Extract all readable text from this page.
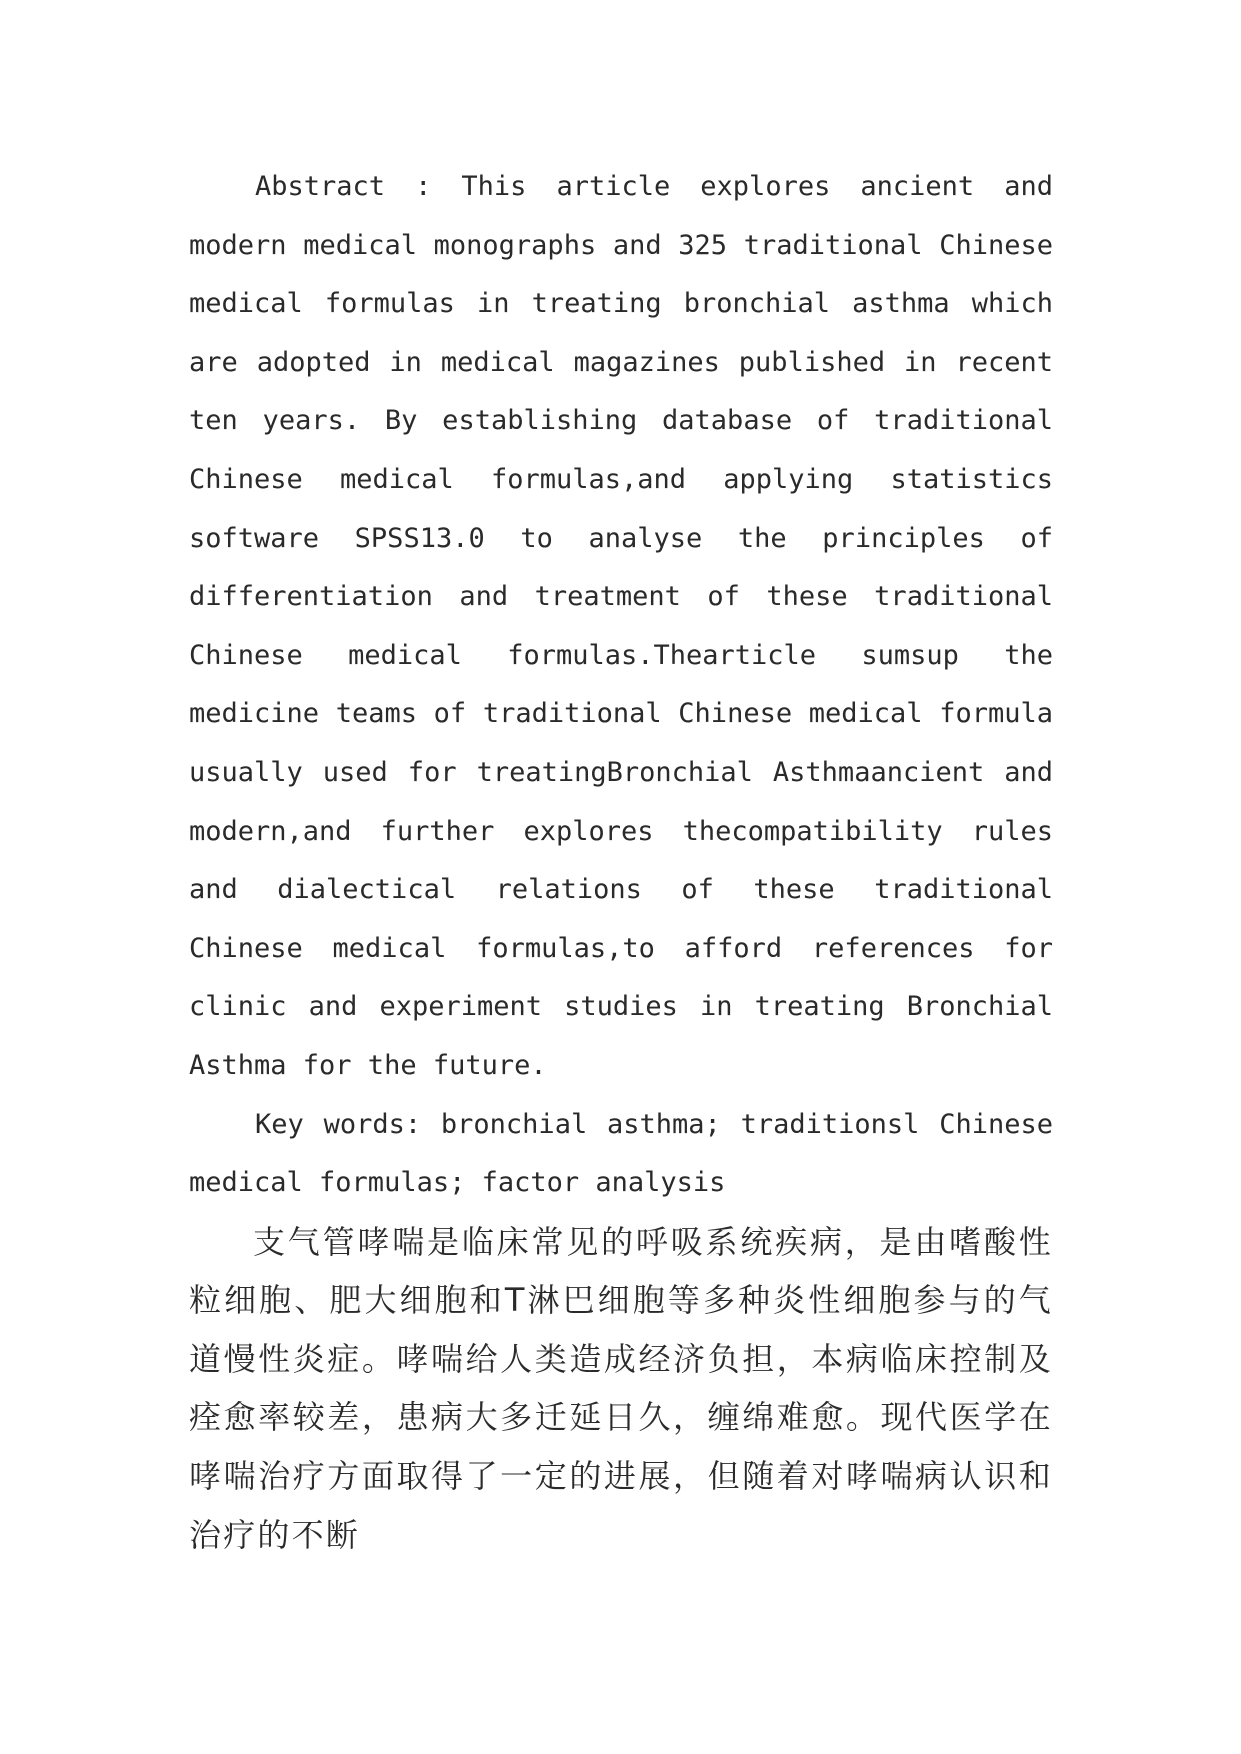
Abstract : This article explores ancient and modern medical monographs and 325 traditional Chinese medical formulas in treating bronchial asthma which are adopted in medical magazines published in recent ten years. By establishing database of traditional Chinese medical formulas,and applying statistics software SPSS13.0 to analyse the principles of differentiation and treatment of these traditional Chinese medical formulas.Thearticle sumsup the medicine teams of traditional Chinese medical formula usually used for treatingBronchial Asthmaancient and modern,and further explores thecompatibility rules and dialectical relations of these traditional Chinese medical formulas,to afford references for clinic and experiment studies in treating Bronchial Asthma for the future.

Key words: bronchial asthma; traditionsl Chinese medical formulas; factor analysis

支气管哮喘是临床常见的呼吸系统疾病，是由嗜酸性粒细胞、肥大细胞和T淋巴细胞等多种炎性细胞参与的气道慢性炎症。哮喘给人类造成经济负担，本病临床控制及痊愈率较差，患病大多迁延日久，缠绵难愈。现代医学在哮喘治疗方面取得了一定的进展，但随着对哮喘病认识和治疗的不断
